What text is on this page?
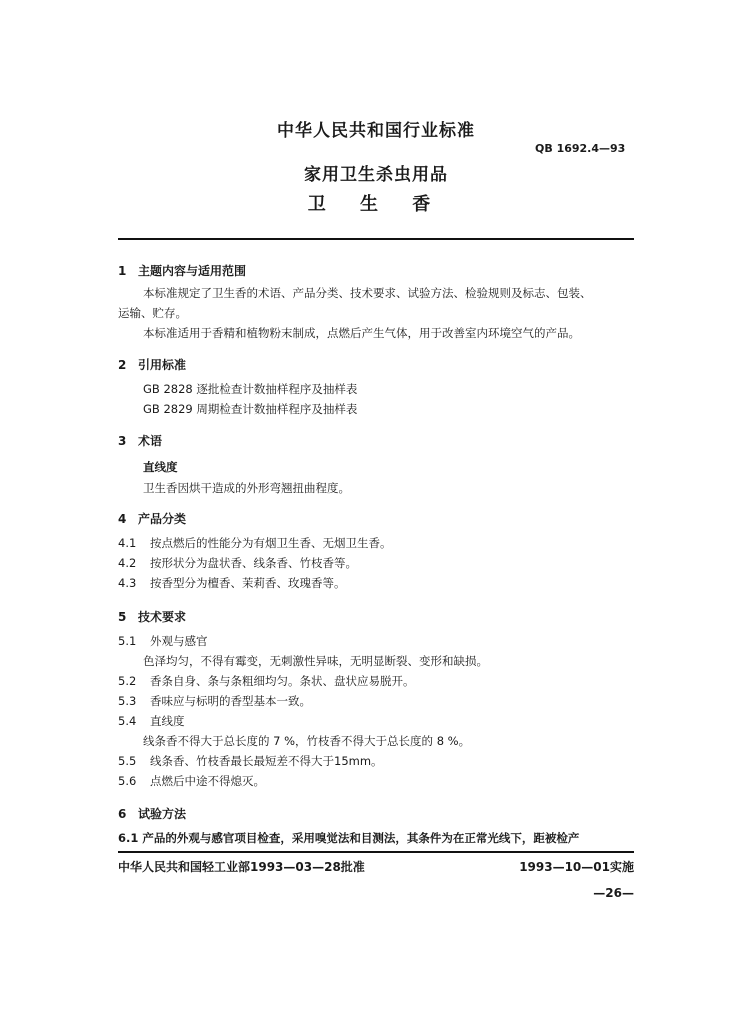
中华人民共和国行业标准
QB 1692.4—93
家用卫生杀虫用品
卫 生 香
1 主题内容与适用范围
本标准规定了卫生香的术语、产品分类、技术要求、试验方法、检验规则及标志、包装、
运输、贮存。
本标准适用于香精和植物粉末制成，点燃后产生气体，用于改善室内环境空气的产品。
2 引用标准
GB 2828 逐批检查计数抽样程序及抽样表
GB 2829 周期检查计数抽样程序及抽样表
3 术语
直线度
卫生香因烘干造成的外形弯翘扭曲程度。
4 产品分类
4.1 按点燃后的性能分为有烟卫生香、无烟卫生香。
4.2 按形状分为盘状香、线条香、竹枝香等。
4.3 按香型分为檀香、茉莉香、玫瑰香等。
5 技术要求
5.1 外观与感官
色泽均匀，不得有霉变，无刺激性异味，无明显断裂、变形和缺损。
5.2 香条自身、条与条粗细均匀。条状、盘状应易脱开。
5.3 香味应与标明的香型基本一致。
5.4 直线度
线条香不得大于总长度的 7 %，竹枝香不得大于总长度的 8 %。
5.5 线条香、竹枝香最长最短差不得大于15mm。
5.6 点燃后中途不得熄灭。
6 试验方法
6.1 产品的外观与感官项目检查，采用嗅觉法和目测法，其条件为在正常光线下，距被检产
中华人民共和国轻工业部1993—03—28批准	1993—10—01实施
—26—
